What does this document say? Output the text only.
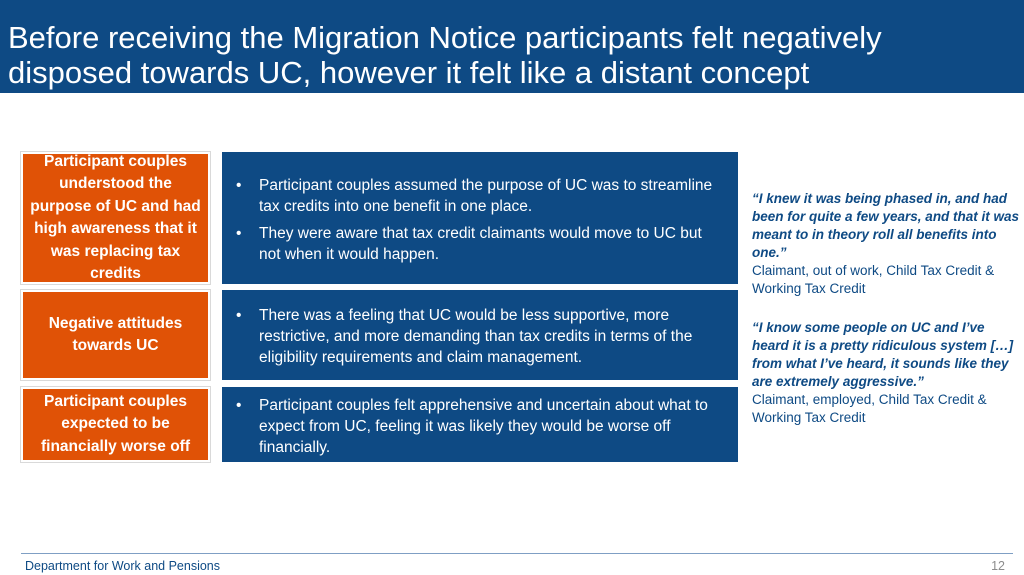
Before receiving the Migration Notice participants felt negatively disposed towards UC, however it felt like a distant concept
Participant couples understood the purpose of UC and had high awareness that it was replacing tax credits
• Participant couples assumed the purpose of UC was to streamline tax credits into one benefit in one place.
• They were aware that tax credit claimants would move to UC but not when it would happen.
Negative attitudes towards UC
• There was a feeling that UC would be less supportive, more restrictive, and more demanding than tax credits in terms of the eligibility requirements and claim management.
Participant couples expected to be financially worse off
• Participant couples felt apprehensive and uncertain about what to expect from UC, feeling it was likely they would be worse off financially.
“I knew it was being phased in, and had been for quite a few years, and that it was meant to in theory roll all benefits into one.”
Claimant, out of work, Child Tax Credit & Working Tax Credit
“I know some people on UC and I’ve heard it is a pretty ridiculous system […] from what I’ve heard, it sounds like they are extremely aggressive.”
Claimant, employed, Child Tax Credit & Working Tax Credit
Department for Work and Pensions	12
